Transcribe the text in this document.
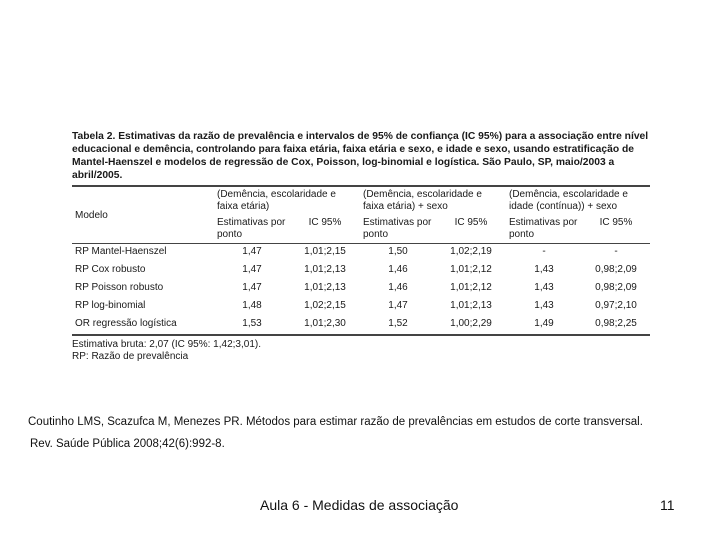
Tabela 2. Estimativas da razão de prevalência e intervalos de 95% de confiança (IC 95%) para a associação entre nível educacional e demência, controlando para faixa etária, faixa etária e sexo, e idade e sexo, usando estratificação de Mantel-Haenszel e modelos de regressão de Cox, Poisson, log-binomial e logística. São Paulo, SP, maio/2003 a abril/2005.

Modelo	(Demência, escolaridade e faixa etária)		(Demência, escolaridade e faixa etária) + sexo		(Demência, escolaridade e idade (contínua)) + sexo	
	Estimativas por ponto	IC 95%	Estimativas por ponto	IC 95%	Estimativas por ponto	IC 95%
RP Mantel-Haenszel	1,47	1,01;2,15	1,50	1,02;2,19	-	-
RP Cox robusto	1,47	1,01;2,13	1,46	1,01;2,12	1,43	0,98;2,09
RP Poisson robusto	1,47	1,01;2,13	1,46	1,01;2,12	1,43	0,98;2,09
RP log-binomial	1,48	1,02;2,15	1,47	1,01;2,13	1,43	0,97;2,10
OR regressão logística	1,53	1,01;2,30	1,52	1,00;2,29	1,49	0,98;2,25
Estimativa bruta: 2,07 (IC 95%: 1,42;3,01).
RP: Razão de prevalência
Coutinho LMS, Scazufca M, Menezes PR. Métodos para estimar razão de prevalências em estudos de corte transversal.
Rev. Saúde Pública 2008;42(6):992-8.
Aula 6 - Medidas de associação	11
